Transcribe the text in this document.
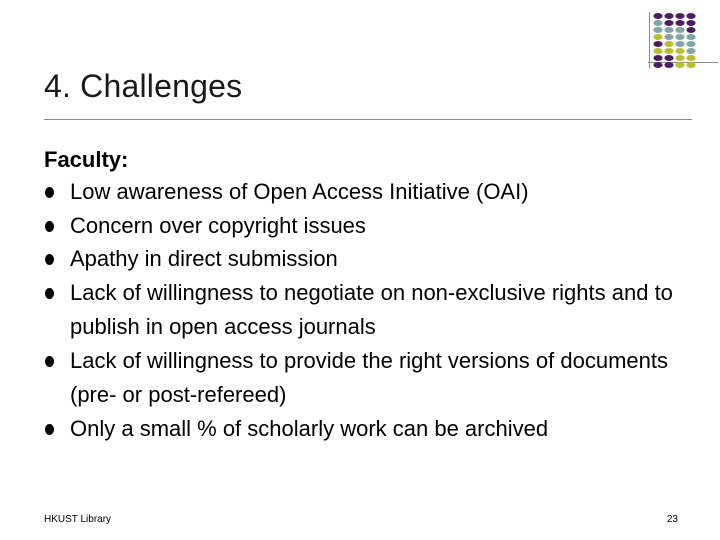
4. Challenges
Faculty:
Low awareness of Open Access Initiative (OAI)
Concern over copyright issues
Apathy in direct submission
Lack of willingness to negotiate on non-exclusive rights and to publish in open access journals
Lack of willingness to provide the right versions of documents (pre- or post-refereed)
Only a small % of scholarly work can be archived
HKUST Library	23
